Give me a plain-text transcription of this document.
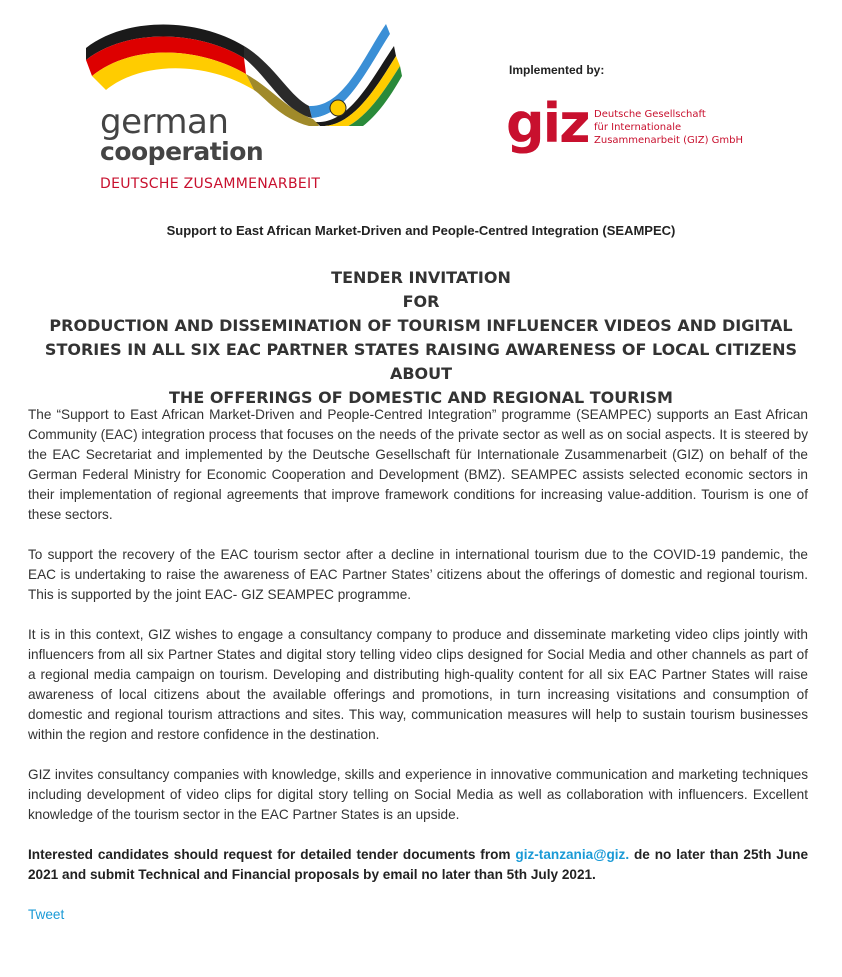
german
cooperation
DEUTSCHE ZUSAMMENARBEIT
Implemented by:
giz Deutsche Gesellschaft
für Internationale
Zusammenarbeit (GIZ) GmbH
Support to East African Market-Driven and People-Centred Integration (SEAMPEC)
TENDER INVITATION
FOR
PRODUCTION AND DISSEMINATION OF TOURISM INFLUENCER VIDEOS AND DIGITAL
STORIES IN ALL SIX EAC PARTNER STATES RAISING AWARENESS OF LOCAL CITIZENS ABOUT
THE OFFERINGS OF DOMESTIC AND REGIONAL TOURISM

The “Support to East African Market-Driven and People-Centred Integration” programme (SEAMPEC) supports an East African Community (EAC) integration process that focuses on the needs of the private sector as well as on social aspects. It is steered by the EAC Secretariat and implemented by the Deutsche Gesellschaft für Internationale Zusammenarbeit (GIZ) on behalf of the German Federal Ministry for Economic Cooperation and Development (BMZ). SEAMPEC assists selected economic sectors in their implementation of regional agreements that improve framework conditions for increasing value-addition. Tourism is one of these sectors.

To support the recovery of the EAC tourism sector after a decline in international tourism due to the COVID-19 pandemic, the EAC is undertaking to raise the awareness of EAC Partner States’ citizens about the offerings of domestic and regional tourism. This is supported by the joint EAC- GIZ SEAMPEC programme.

It is in this context, GIZ wishes to engage a consultancy company to produce and disseminate marketing video clips jointly with influencers from all six Partner States and digital story telling video clips designed for Social Media and other channels as part of a regional media campaign on tourism. Developing and distributing high-quality content for all six EAC Partner States will raise awareness of local citizens about the available offerings and promotions, in turn increasing visitations and consumption of domestic and regional tourism attractions and sites. This way, communication measures will help to sustain tourism businesses within the region and restore confidence in the destination.

GIZ invites consultancy companies with knowledge, skills and experience in innovative communication and marketing techniques including development of video clips for digital story telling on Social Media as well as collaboration with influencers. Excellent knowledge of the tourism sector in the EAC Partner States is an upside.

Interested candidates should request for detailed tender documents from giz-tanzania@giz. de no later than 25th June 2021 and submit Technical and Financial proposals by email no later than 5th July 2021.

Tweet
